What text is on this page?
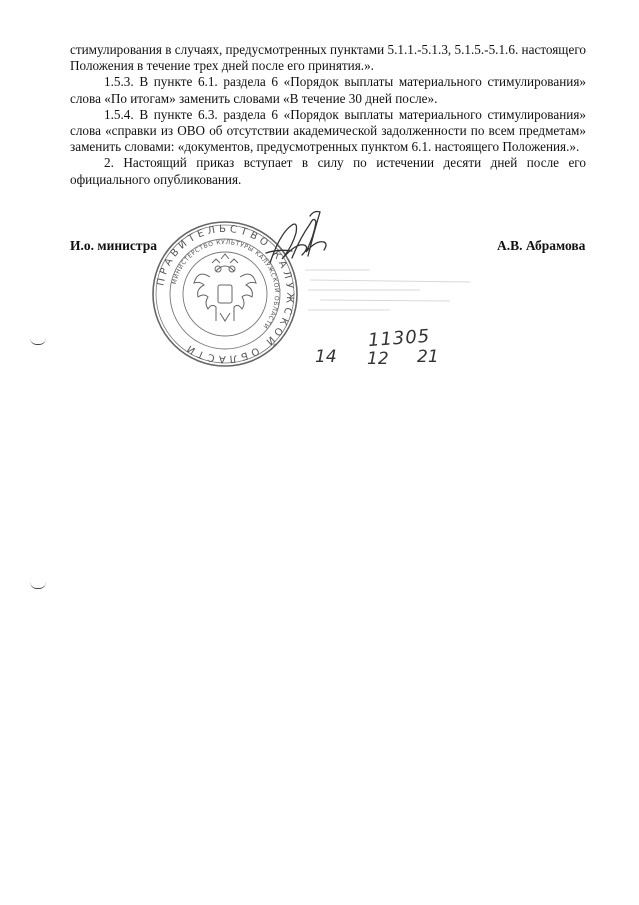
стимулирования в случаях, предусмотренных пунктами 5.1.1.-5.1.3, 5.1.5.-5.1.6. настоящего Положения в течение трех дней после его принятия.».

1.5.3. В пункте 6.1. раздела 6 «Порядок выплаты материального стимулирования» слова «По итогам» заменить словами «В течение 30 дней после».

1.5.4. В пункте 6.3. раздела 6 «Порядок выплаты материального стимулирования» слова «справки из ОВО об отсутствии академической задолженности по всем предметам» заменить словами: «документов, предусмотренных пунктом 6.1. настоящего Положения.».

2. Настоящий приказ вступает в силу по истечении десяти дней после его официального опубликования.

ПРАВИТЕЛЬСТВО КАЛУЖСКОЙ ОБЛАСТИ
МИНИСТЕРСТВО КУЛЬТУРЫ КАЛУЖСКОЙ ОБЛАСТИ	11305
14 12 21
И.о. министра	А.В. Абрамова
